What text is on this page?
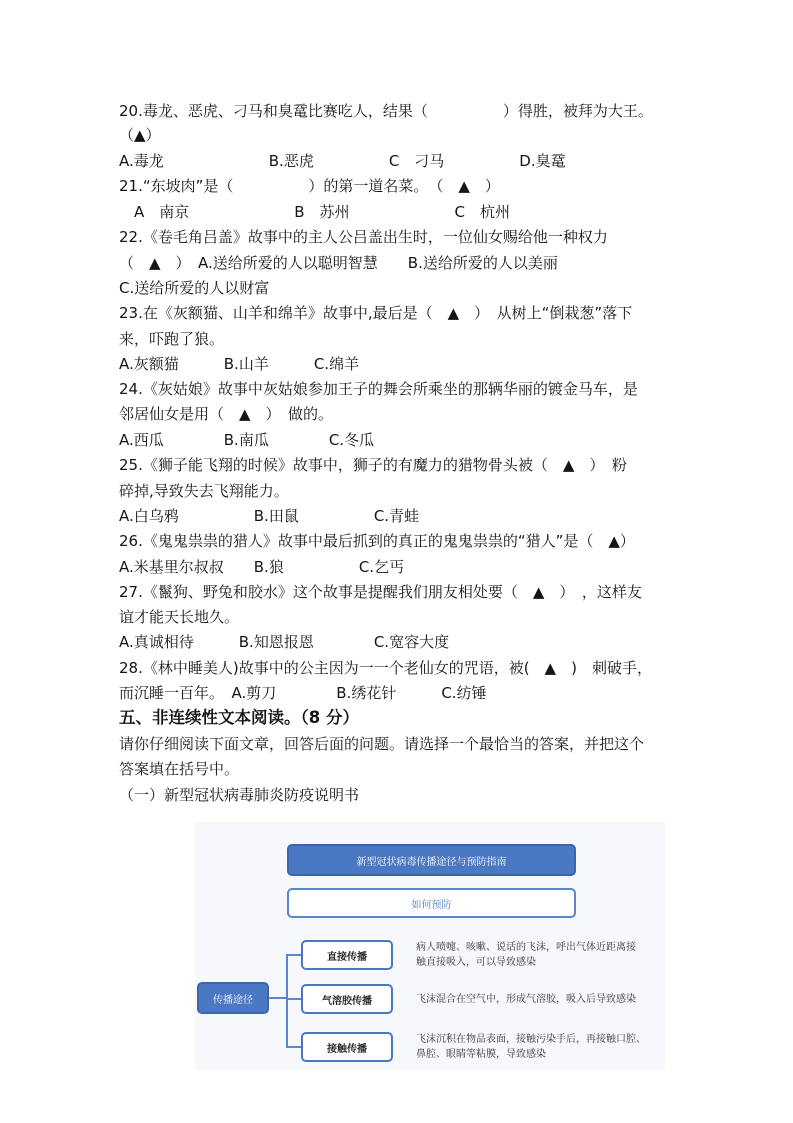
20.毒龙、恶虎、刁马和臭鼋比赛吃人，结果（　　　　　）得胜，被拜为大王。
（▲）
A.毒龙　　　　　　　B.恶虎　　　　　C　刁马　　　　　D.臭鼋
21.“东坡肉”是（　　　　　）的第一道名菜。　（　▲　）
　A　南京　　　　　　　B　苏州　　　　　　　C　杭州
22.《卷毛角吕盖》故事中的主人公吕盖出生时，一位仙女赐给他一种权力
（　▲　）　A.送给所爱的人以聪明智慧　　B.送给所爱的人以美丽
C.送给所爱的人以财富
23.在《灰额猫、山羊和绵羊》故事中,最后是（　▲　）　从树上“倒栽葱”落下
来，吓跑了狼。
A.灰额猫　　　B.山羊　　　C.绵羊
24.《灰姑娘》故事中灰姑娘参加王子的舞会所乘坐的那辆华丽的镀金马车，是
邻居仙女是用（　▲　）　做的。
A.西瓜　　　　B.南瓜　　　　C.冬瓜
25.《狮子能飞翔的时候》故事中，狮子的有魔力的猎物骨头被（　▲　）　粉
碎掉,导致失去飞翔能力。
A.白乌鸦　　　　　B.田鼠　　　　　C.青蛙
26.《鬼鬼祟祟的猎人》故事中最后抓到的真正的鬼鬼祟祟的“猎人”是（　▲）
A.米基里尔叔叔　　B.狼　　　　　C.乞丐
27.《鬣狗、野兔和胶水》这个故事是提醒我们朋友相处要（　▲　）　，这样友
谊才能天长地久。
A.真诚相待　　　B.知恩报恩　　　　C.宽容大度
28.《林中睡美人)故事中的公主因为一一个老仙女的咒语，被(　▲　)　刺破手，
而沉睡一百年。　A.剪刀　　　　B.绣花针　　　C.纺锤
五、非连续性文本阅读。（8 分）
请你仔细阅读下面文章，回答后面的问题。请选择一个最恰当的答案，并把这个
答案填在括号中。
（一）新型冠状病毒肺炎防疫说明书
新型冠状病毒传播途径与预防指南
如何预防
传播途径
直接传播
气溶胶传播
接触传播
病人喷嚏、咳嗽、说话的飞沫，呼出气体近距离接
触直接吸入，可以导致感染
飞沫混合在空气中，形成气溶胶，吸入后导致感染
飞沫沉积在物品表面，接触污染手后，再接触口腔、
鼻腔、眼睛等粘膜，导致感染
